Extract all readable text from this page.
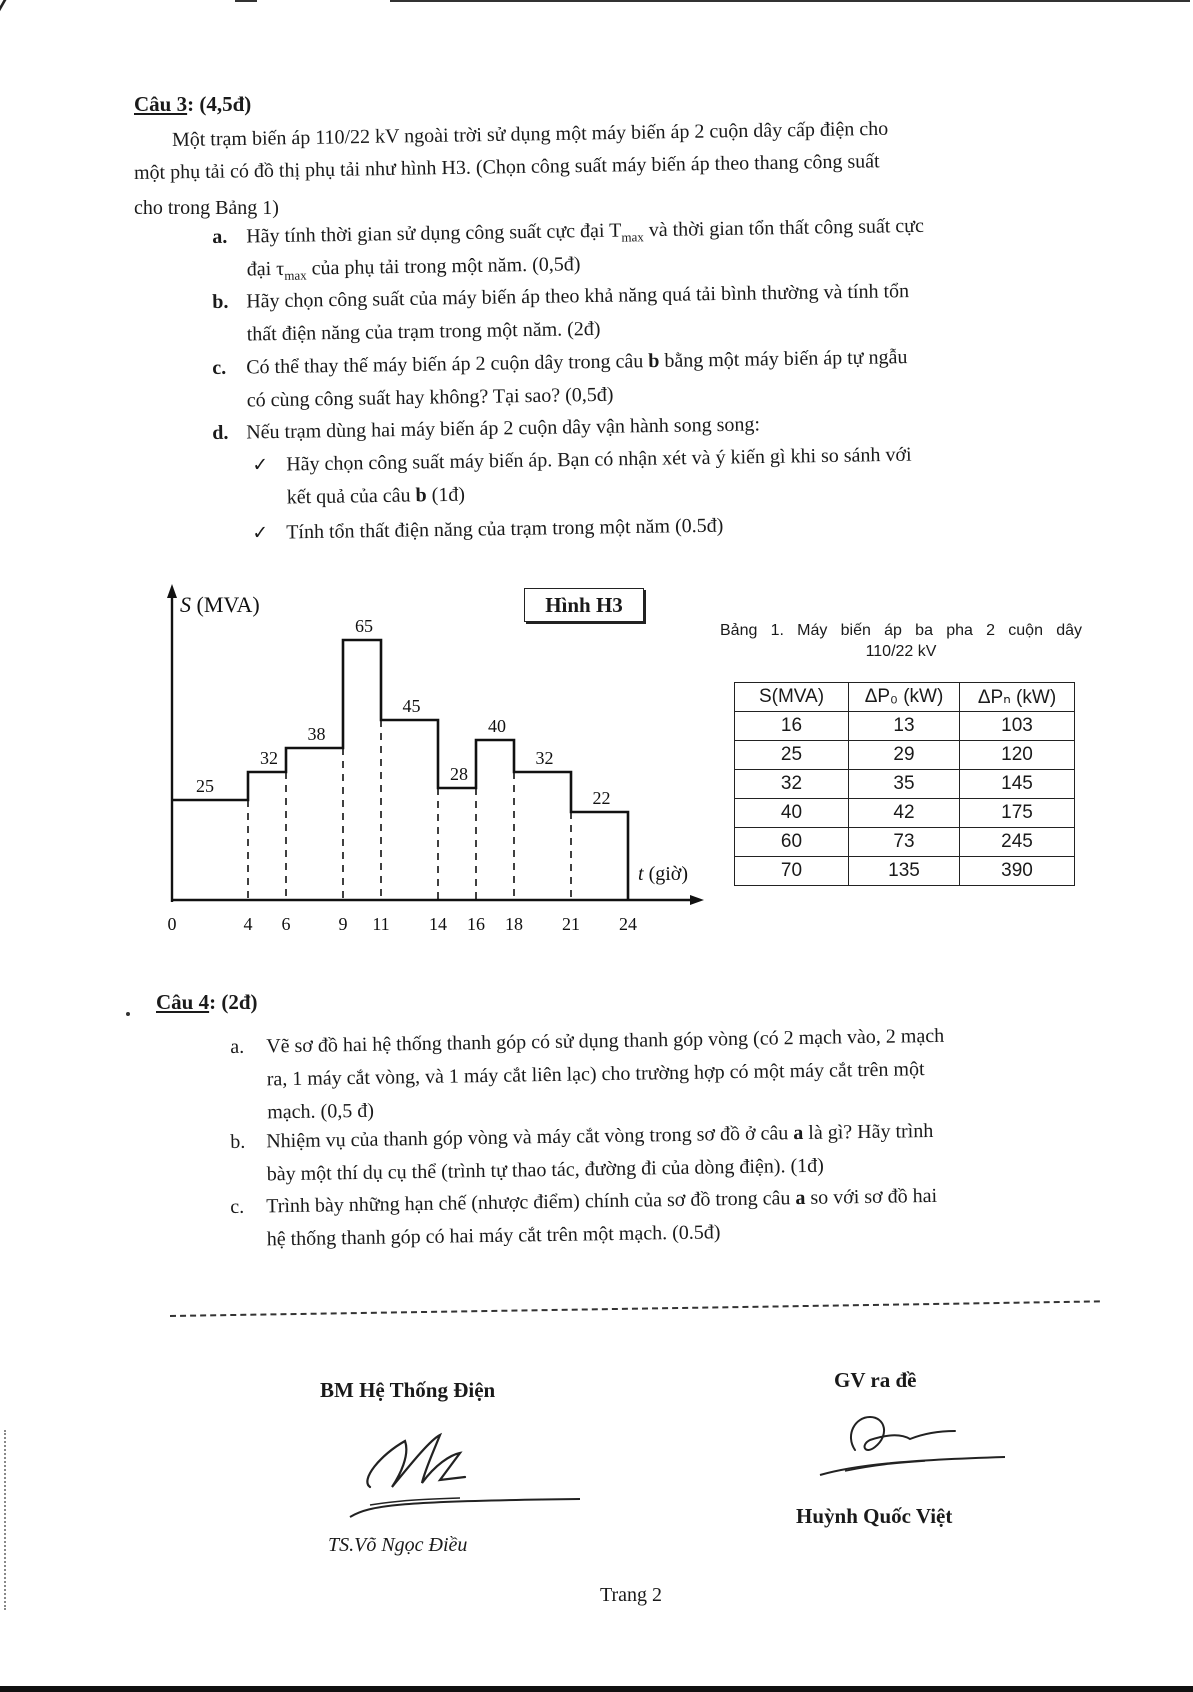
Câu 3: (4,5đ)
Một trạm biến áp 110/22 kV ngoài trời sử dụng một máy biến áp 2 cuộn dây cấp điện cho
một phụ tải có đồ thị phụ tải như hình H3. (Chọn công suất máy biến áp theo thang công suất
cho trong Bảng 1)
a. Hãy tính thời gian sử dụng công suất cực đại $T_{max}$ và thời gian tổn thất công suất cực
đại $\tau_{max}$ của phụ tải trong một năm. (0,5đ)
b. Hãy chọn công suất của máy biến áp theo khả năng quá tải bình thường và tính tổn
thất điện năng của trạm trong một năm. (2đ)
c. Có thể thay thế máy biến áp 2 cuộn dây trong câu b bằng một máy biến áp tự ngẫu
có cùng công suất hay không? Tại sao? (0,5đ)
d. Nếu trạm dùng hai máy biến áp 2 cuộn dây vận hành song song:
✓ Hãy chọn công suất máy biến áp. Bạn có nhận xét và ý kiến gì khi so sánh với
kết quả của câu b (1đ)
✓ Tính tổn thất điện năng của trạm trong một năm (0.5đ)
S (MVA)
t (giờ)
25
32
38
65
45
28
40
32
22
0	4 6	9 11 14 16 18 21 24
Hình H3
Bảng 1. Máy biến áp ba pha 2 cuộn dây
110/22 kV
S(MVA)	ΔP₀ (kW)	ΔPₙ (kW)
16	13	103
25	29	120
32	35	145
40	42	175
60	73	245
70	135	390
Câu 4: (2đ)
a. Vẽ sơ đồ hai hệ thống thanh góp có sử dụng thanh góp vòng (có 2 mạch vào, 2 mạch
ra, 1 máy cắt vòng, và 1 máy cắt liên lạc) cho trường hợp có một máy cắt trên một
mạch. (0,5 đ)
b. Nhiệm vụ của thanh góp vòng và máy cắt vòng trong sơ đồ ở câu a là gì? Hãy trình
bày một thí dụ cụ thể (trình tự thao tác, đường đi của dòng điện). (1đ)
c. Trình bày những hạn chế (nhược điểm) chính của sơ đồ trong câu a so với sơ đồ hai
hệ thống thanh góp có hai máy cắt trên một mạch. (0.5đ)
BM Hệ Thống Điện
TS.Võ Ngọc Điều
GV ra đề
Huỳnh Quốc Việt
Trang 2
